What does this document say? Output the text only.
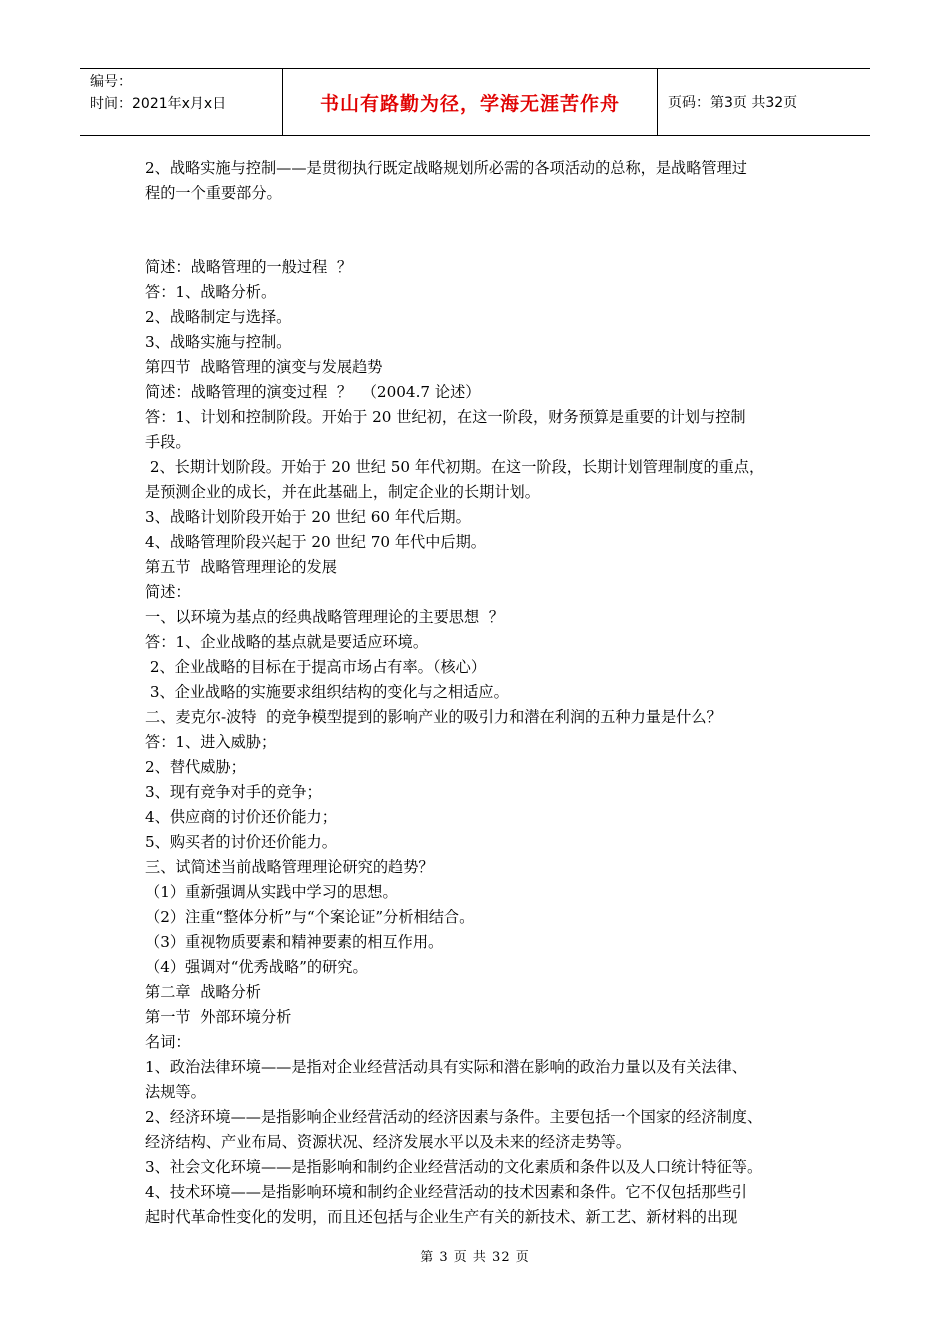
编号：
时间：2021年x月x日	书山有路勤为径，学海无涯苦作舟	页码：第3页 共32页
2、战略实施与控制——是贯彻执行既定战略规划所必需的各项活动的总称，是战略管理过
程的一个重要部分。
简述：战略管理的一般过程  ？
答：1、战略分析。
2、战略制定与选择。
3、战略实施与控制。
第四节  战略管理的演变与发展趋势
简述：战略管理的演变过程  ？  （2004.7 论述）
答：1、计划和控制阶段。开始于 20 世纪初，在这一阶段，财务预算是重要的计划与控制
手段。
2、长期计划阶段。开始于 20 世纪 50 年代初期。在这一阶段，长期计划管理制度的重点，
是预测企业的成长，并在此基础上，制定企业的长期计划。
3、战略计划阶段开始于 20 世纪 60 年代后期。
4、战略管理阶段兴起于 20 世纪 70 年代中后期。
第五节  战略管理理论的发展
简述：
一、以环境为基点的经典战略管理理论的主要思想  ？
答：1、企业战略的基点就是要适应环境。
2、企业战略的目标在于提高市场占有率。（核心）
3、企业战略的实施要求组织结构的变化与之相适应。
二、麦克尔-波特  的竞争模型提到的影响产业的吸引力和潜在利润的五种力量是什么？
答：1、进入威胁；
2、替代威胁；
3、现有竞争对手的竞争；
4、供应商的讨价还价能力；
5、购买者的讨价还价能力。
三、试简述当前战略管理理论研究的趋势？
（1）重新强调从实践中学习的思想。
（2）注重“整体分析”与“个案论证”分析相结合。
（3）重视物质要素和精神要素的相互作用。
（4）强调对“优秀战略”的研究。
第二章  战略分析
第一节  外部环境分析
名词：
1、政治法律环境——是指对企业经营活动具有实际和潜在影响的政治力量以及有关法律、
法规等。
2、经济环境——是指影响企业经营活动的经济因素与条件。主要包括一个国家的经济制度、
经济结构、产业布局、资源状况、经济发展水平以及未来的经济走势等。
3、社会文化环境——是指影响和制约企业经营活动的文化素质和条件以及人口统计特征等。
4、技术环境——是指影响环境和制约企业经营活动的技术因素和条件。它不仅包括那些引
起时代革命性变化的发明，而且还包括与企业生产有关的新技术、新工艺、新材料的出现
第 3 页 共 32 页
